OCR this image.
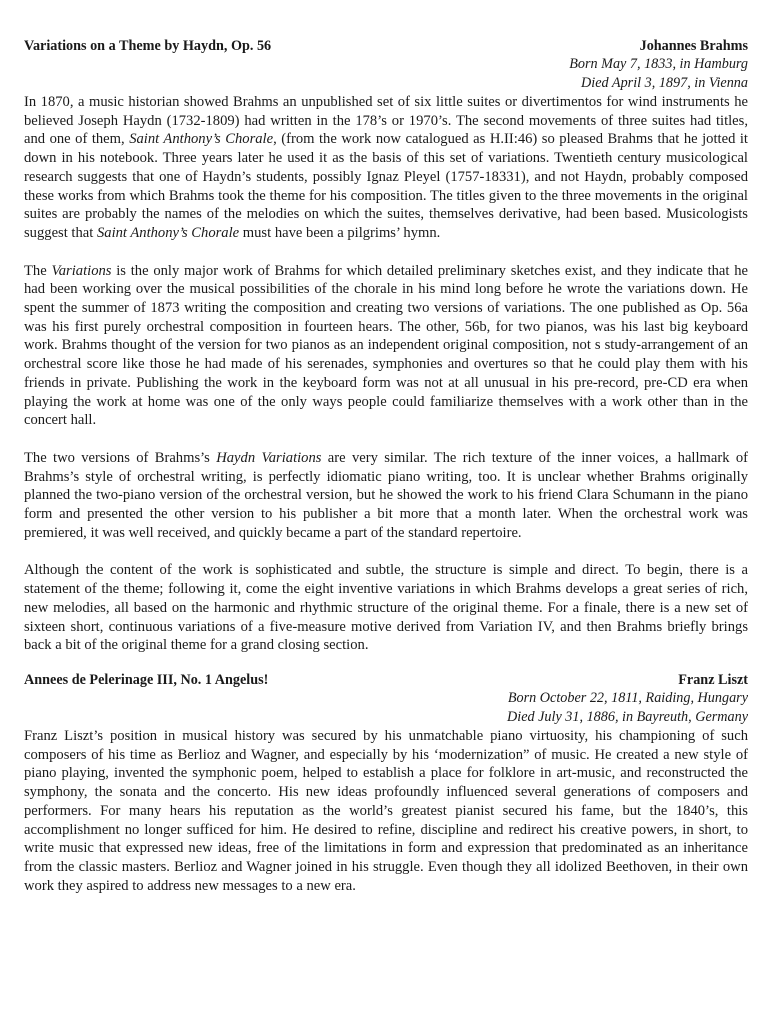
Variations on a Theme by Haydn, Op. 56	Johannes Brahms
Born May 7, 1833, in Hamburg
Died April 3, 1897, in Vienna

In 1870, a music historian showed Brahms an unpublished set of six little suites or divertimentos for wind instruments he believed Joseph Haydn (1732-1809) had written in the 178’s or 1970’s. The second movements of three suites had titles, and one of them, Saint Anthony’s Chorale, (from the work now catalogued as H.II:46) so pleased Brahms that he jotted it down in his notebook. Three years later he used it as the basis of this set of variations. Twentieth century musicological research suggests that one of Haydn’s students, possibly Ignaz Pleyel (1757-18331), and not Haydn, probably composed these works from which Brahms took the theme for his composition. The titles given to the three movements in the original suites are probably the names of the melodies on which the suites, themselves derivative, had been based. Musicologists suggest that Saint Anthony’s Chorale must have been a pilgrims’ hymn.

The Variations is the only major work of Brahms for which detailed preliminary sketches exist, and they indicate that he had been working over the musical possibilities of the chorale in his mind long before he wrote the variations down. He spent the summer of 1873 writing the composition and creating two versions of variations. The one published as Op. 56a was his first purely orchestral composition in fourteen hears. The other, 56b, for two pianos, was his last big keyboard work. Brahms thought of the version for two pianos as an independent original composition, not s study-arrangement of an orchestral score like those he had made of his serenades, symphonies and overtures so that he could play them with his friends in private. Publishing the work in the keyboard form was not at all unusual in his pre-record, pre-CD era when playing the work at home was one of the only ways people could familiarize themselves with a work other than in the concert hall.

The two versions of Brahms’s Haydn Variations are very similar. The rich texture of the inner voices, a hallmark of Brahms’s style of orchestral writing, is perfectly idiomatic piano writing, too. It is unclear whether Brahms originally planned the two-piano version of the orchestral version, but he showed the work to his friend Clara Schumann in the piano form and presented the other version to his publisher a bit more that a month later. When the orchestral work was premiered, it was well received, and quickly became a part of the standard repertoire.

Although the content of the work is sophisticated and subtle, the structure is simple and direct. To begin, there is a statement of the theme; following it, come the eight inventive variations in which Brahms develops a great series of rich, new melodies, all based on the harmonic and rhythmic structure of the original theme. For a finale, there is a new set of sixteen short, continuous variations of a five-measure motive derived from Variation IV, and then Brahms briefly brings back a bit of the original theme for a grand closing section.

Annees de Pelerinage III, No. 1 Angelus!	Franz Liszt
Born October 22, 1811, Raiding, Hungary
Died July 31, 1886, in Bayreuth, Germany

Franz Liszt’s position in musical history was secured by his unmatchable piano virtuosity, his championing of such composers of his time as Berlioz and Wagner, and especially by his ‘modernization” of music. He created a new style of piano playing, invented the symphonic poem, helped to establish a place for folklore in art-music, and reconstructed the symphony, the sonata and the concerto. His new ideas profoundly influenced several generations of composers and performers. For many hears his reputation as the world’s greatest pianist secured his fame, but the 1840’s, this accomplishment no longer sufficed for him. He desired to refine, discipline and redirect his creative powers, in short, to write music that expressed new ideas, free of the limitations in form and expression that predominated as an inheritance from the classic masters. Berlioz and Wagner joined in his struggle. Even though they all idolized Beethoven, in their own work they aspired to address new messages to a new era.
